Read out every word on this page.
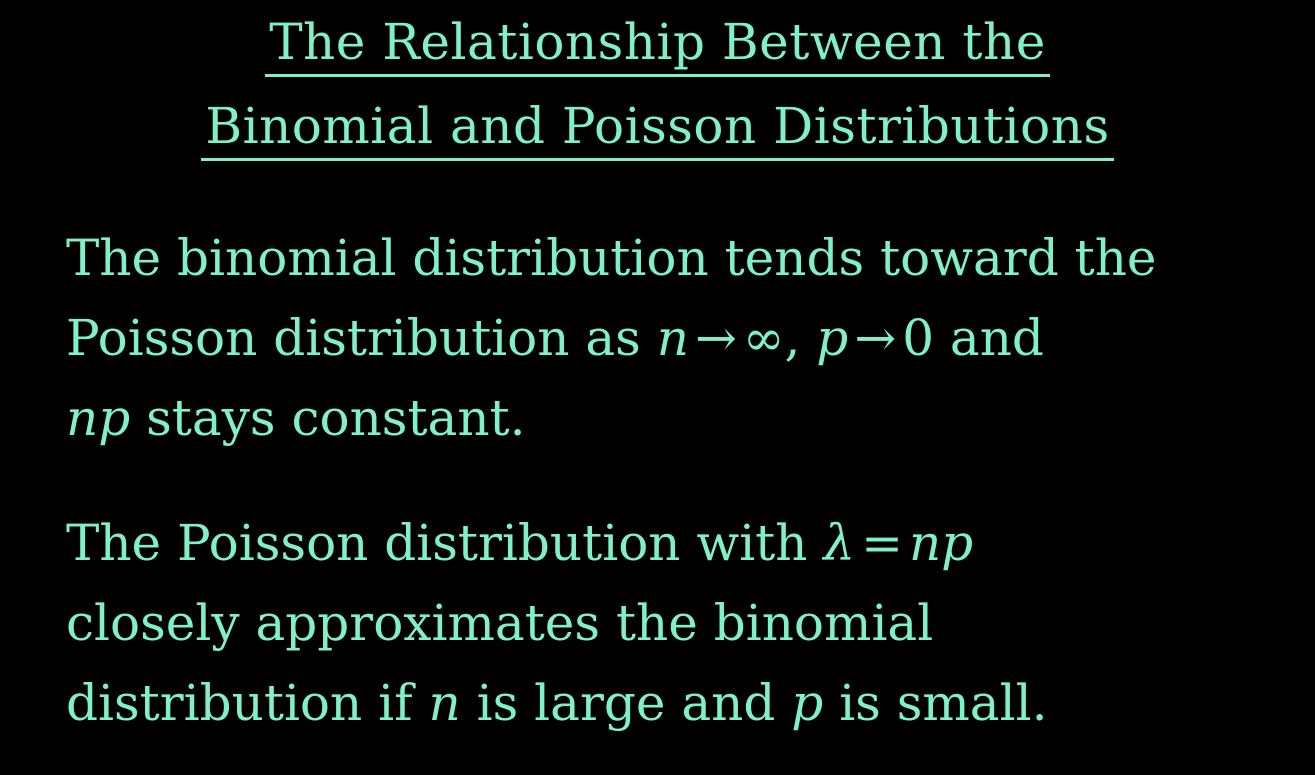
The Relationship Between the
Binomial and Poisson Distributions
The binomial distribution tends toward the
Poisson distribution as n → ∞, p → 0 and
np stays constant.
The Poisson distribution with λ = np
closely approximates the binomial
distribution if n is large and p is small.
